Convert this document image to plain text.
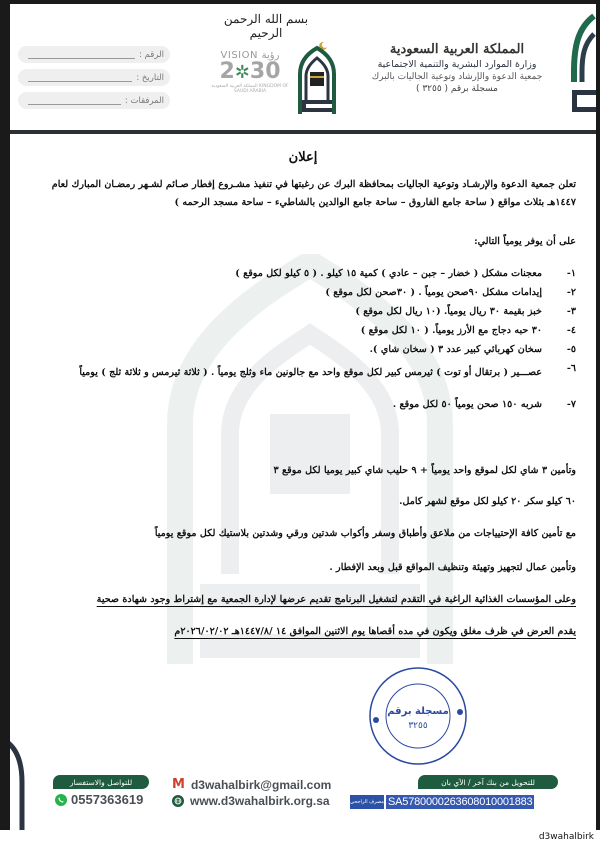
بسم الله الرحمن الرحيم
المملكة العربية السعودية
وزارة الموارد البشرية والتنمية الاجتماعية
جمعية الدعوة والإرشاد وتوعية الجاليات بالبرك
مسجلة برقم ( ٣٢٥٥ )
VISION رؤية
2✲30
المملكة العربية السعودية KINGDOM OF SAUDI ARABIA
الرقم :
التاريخ :
المرفقات :
إعلان
تعلن جمعية الدعوة والإرشـاد وتوعية الجاليات بمحافظة البرك عن رغبتها في تنفيذ مشـروع إفطار صـائم لشـهر رمضـان المبارك لعام
١٤٤٧هـ بثلاث مواقع ( ساحة جامع الفاروق – ساحة جامع الوالدين بالشاطيء – ساحة مسجد الرحمه )
على أن يوفر يومياً التالي:
١-
معجنات مشكل ( خضار – جبن – عادي ) كمية ١٥ كيلو . ( ٥ كيلو لكل موقع )
٢-
إيدامات مشكل ٩٠صحن يومياً . ( ٣٠صحن لكل موقع )
٣-
خبز بقيمة ٣٠ ريال يومياً. (١٠ ريال لكل موقع )
٤-
٣٠ حبه دجاج مع الأرز يومياً. ( ١٠ لكل موقع )
٥-
سخان كهربائي كبير عدد ٣ ( سخان شاي ).
٦-
عصـــير ( برتقال أو توت ) ثيرمس كبير لكل موقع واحد مع جالونين ماء وثلج يومياً . ( ثلاثة ثيرمس و ثلاثة ثلج ) يومياً
٧-
شربه ١٥٠ صحن يومياً ٥٠ لكل موقع .
وتأمين ٣ شاي لكل لموقع واحد يومياً + ٩ حليب شاي كبير يوميا لكل موقع ٣
٦٠ كيلو سكر ٢٠ كيلو لكل موقع لشهر كامل.
مع تأمين كافة الإحتيياجات من ملاعق وأطباق وسفر وأكواب شدتين ورقي وشدتين بلاستيك لكل موقع يومياً
وتأمين عمال لتجهيز وتهيئة وتنظيف المواقع قبل وبعد الإفطار .
وعلى المؤسسات الغذائية الراغبة في التقدم لتشغيل البرنامج تقديم عرضها لإدارة الجمعية مع إشتراط وجود شهادة صحية
يقدم العرض في ظرف مغلق ويكون في مده أقصاها يوم الاثنين الموافق ١٤ /١٤٤٧/٨هـ ٢٠٢٦/٠٢/٠٢م
مسجلة برقم
٣٢٥٥
للتواصل والاستفسار
0557363619
M d3wahalbirk@gmail.com
www.d3wahalbirk.org.sa
للتحويل من بنك آخر / الآي بان
مصرف الراجحي SA5780000263608010001883
d3wahalbirk
